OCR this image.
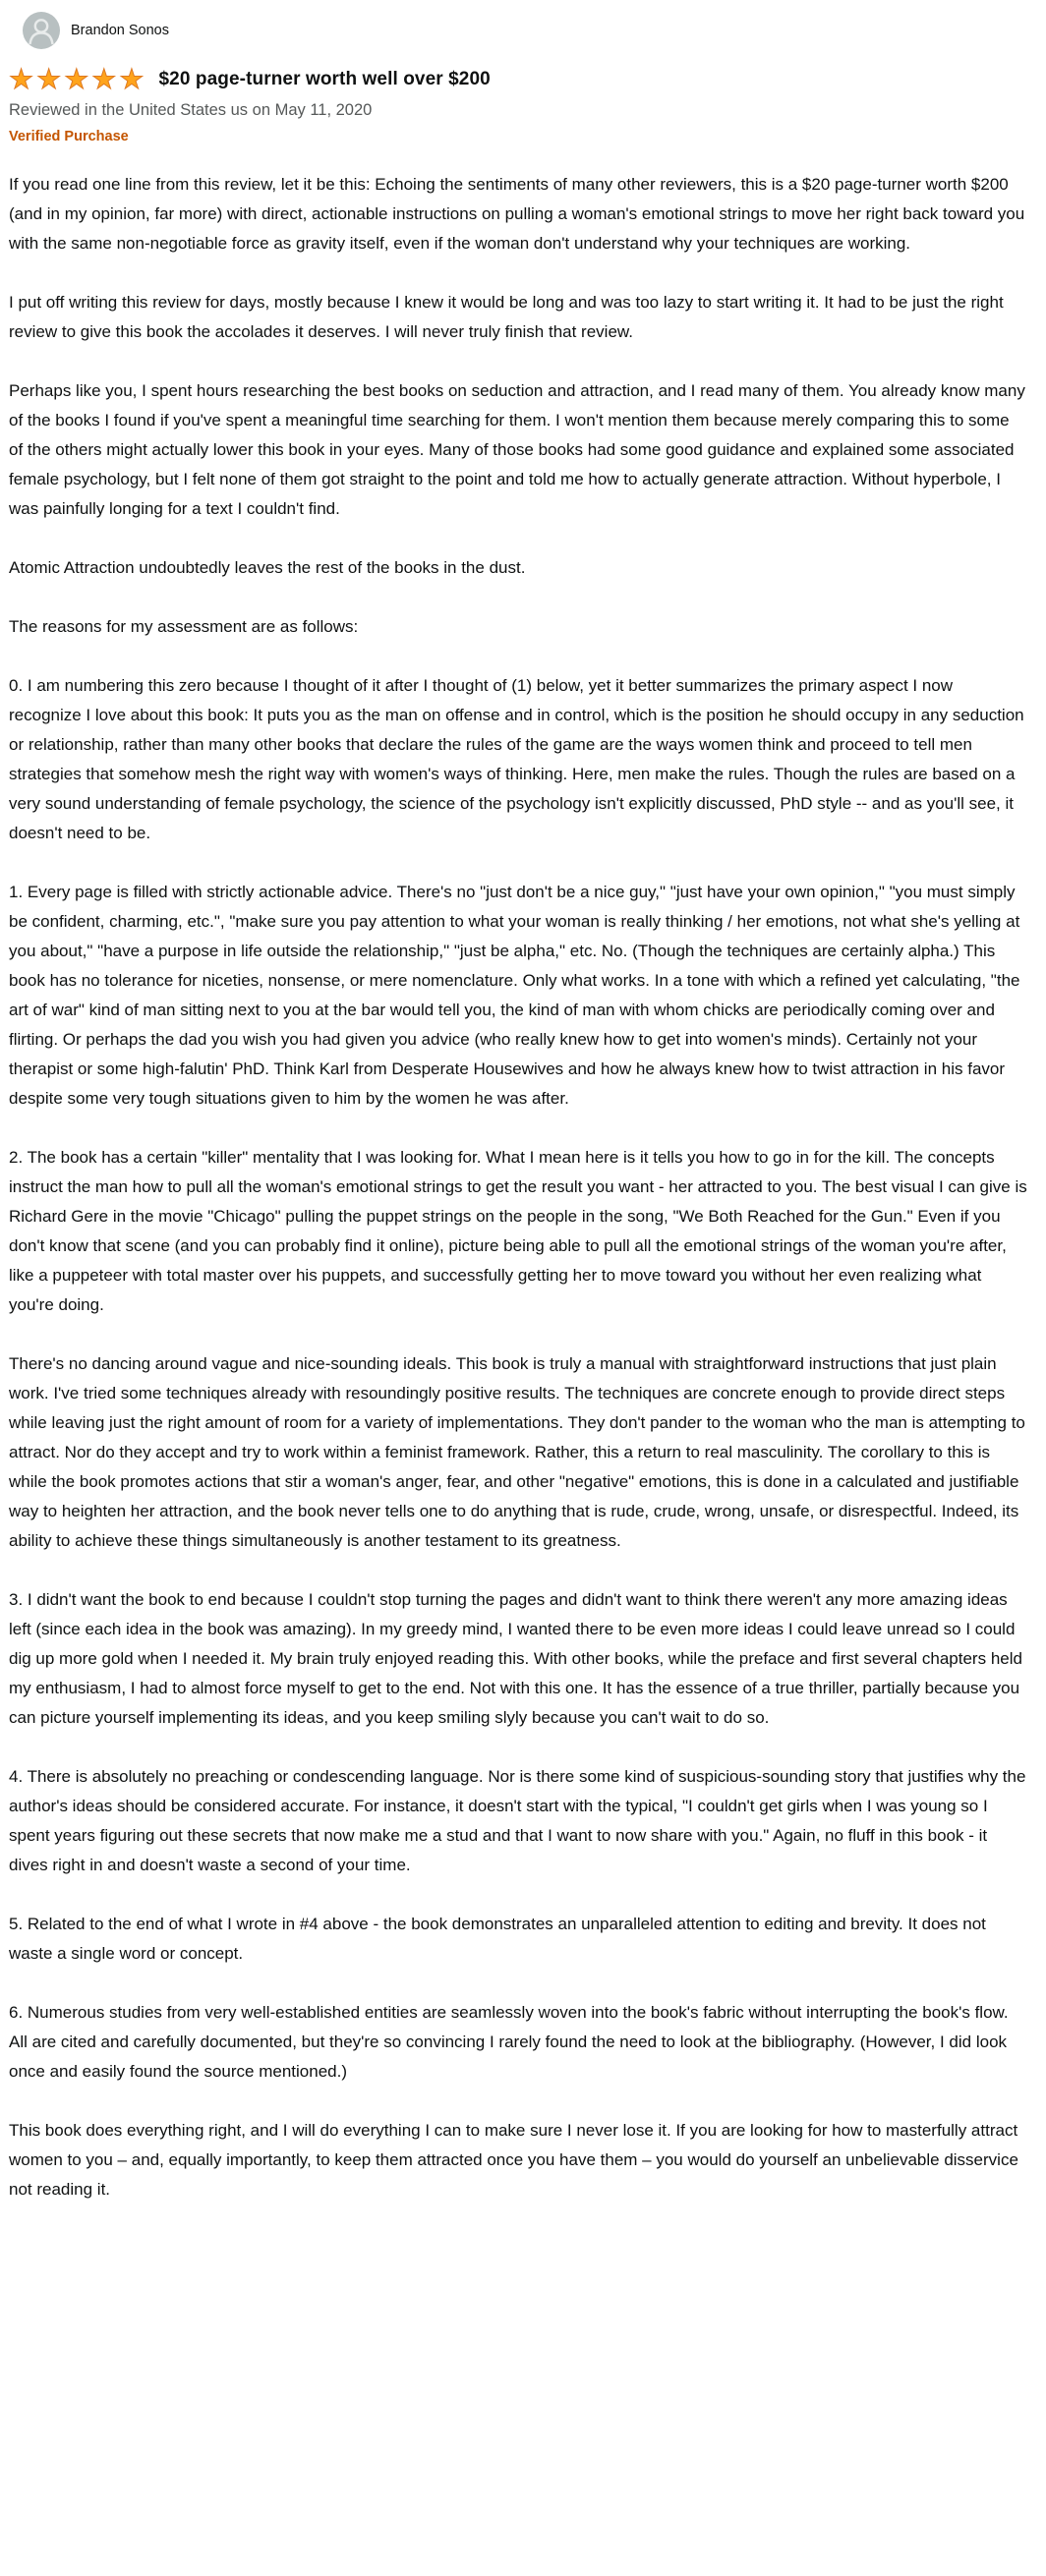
Brandon Sonos
★★★★★ $20 page-turner worth well over $200
Reviewed in the United States us on May 11, 2020
Verified Purchase

If you read one line from this review, let it be this: Echoing the sentiments of many other reviewers, this is a $20 page-turner worth $200 (and in my opinion, far more) with direct, actionable instructions on pulling a woman's emotional strings to move her right back toward you with the same non-negotiable force as gravity itself, even if the woman don't understand why your techniques are working.

I put off writing this review for days, mostly because I knew it would be long and was too lazy to start writing it. It had to be just the right review to give this book the accolades it deserves. I will never truly finish that review.

Perhaps like you, I spent hours researching the best books on seduction and attraction, and I read many of them. You already know many of the books I found if you've spent a meaningful time searching for them. I won't mention them because merely comparing this to some of the others might actually lower this book in your eyes. Many of those books had some good guidance and explained some associated female psychology, but I felt none of them got straight to the point and told me how to actually generate attraction. Without hyperbole, I was painfully longing for a text I couldn't find.

Atomic Attraction undoubtedly leaves the rest of the books in the dust.

The reasons for my assessment are as follows:

0. I am numbering this zero because I thought of it after I thought of (1) below, yet it better summarizes the primary aspect I now recognize I love about this book: It puts you as the man on offense and in control, which is the position he should occupy in any seduction or relationship, rather than many other books that declare the rules of the game are the ways women think and proceed to tell men strategies that somehow mesh the right way with women's ways of thinking. Here, men make the rules. Though the rules are based on a very sound understanding of female psychology, the science of the psychology isn't explicitly discussed, PhD style -- and as you'll see, it doesn't need to be.

1. Every page is filled with strictly actionable advice. There's no "just don't be a nice guy," "just have your own opinion," "you must simply be confident, charming, etc.", "make sure you pay attention to what your woman is really thinking / her emotions, not what she's yelling at you about," "have a purpose in life outside the relationship," "just be alpha," etc. No. (Though the techniques are certainly alpha.) This book has no tolerance for niceties, nonsense, or mere nomenclature. Only what works. In a tone with which a refined yet calculating, "the art of war" kind of man sitting next to you at the bar would tell you, the kind of man with whom chicks are periodically coming over and flirting. Or perhaps the dad you wish you had given you advice (who really knew how to get into women's minds). Certainly not your therapist or some high-falutin' PhD. Think Karl from Desperate Housewives and how he always knew how to twist attraction in his favor despite some very tough situations given to him by the women he was after.

2. The book has a certain "killer" mentality that I was looking for. What I mean here is it tells you how to go in for the kill. The concepts instruct the man how to pull all the woman's emotional strings to get the result you want - her attracted to you. The best visual I can give is Richard Gere in the movie "Chicago" pulling the puppet strings on the people in the song, "We Both Reached for the Gun." Even if you don't know that scene (and you can probably find it online), picture being able to pull all the emotional strings of the woman you're after, like a puppeteer with total master over his puppets, and successfully getting her to move toward you without her even realizing what you're doing.

There's no dancing around vague and nice-sounding ideals. This book is truly a manual with straightforward instructions that just plain work. I've tried some techniques already with resoundingly positive results. The techniques are concrete enough to provide direct steps while leaving just the right amount of room for a variety of implementations. They don't pander to the woman who the man is attempting to attract. Nor do they accept and try to work within a feminist framework. Rather, this a return to real masculinity. The corollary to this is while the book promotes actions that stir a woman's anger, fear, and other "negative" emotions, this is done in a calculated and justifiable way to heighten her attraction, and the book never tells one to do anything that is rude, crude, wrong, unsafe, or disrespectful. Indeed, its ability to achieve these things simultaneously is another testament to its greatness.

3. I didn't want the book to end because I couldn't stop turning the pages and didn't want to think there weren't any more amazing ideas left (since each idea in the book was amazing). In my greedy mind, I wanted there to be even more ideas I could leave unread so I could dig up more gold when I needed it. My brain truly enjoyed reading this. With other books, while the preface and first several chapters held my enthusiasm, I had to almost force myself to get to the end. Not with this one. It has the essence of a true thriller, partially because you can picture yourself implementing its ideas, and you keep smiling slyly because you can't wait to do so.

4. There is absolutely no preaching or condescending language. Nor is there some kind of suspicious-sounding story that justifies why the author's ideas should be considered accurate. For instance, it doesn't start with the typical, "I couldn't get girls when I was young so I spent years figuring out these secrets that now make me a stud and that I want to now share with you." Again, no fluff in this book - it dives right in and doesn't waste a second of your time.

5. Related to the end of what I wrote in #4 above - the book demonstrates an unparalleled attention to editing and brevity. It does not waste a single word or concept.

6. Numerous studies from very well-established entities are seamlessly woven into the book's fabric without interrupting the book's flow. All are cited and carefully documented, but they're so convincing I rarely found the need to look at the bibliography. (However, I did look once and easily found the source mentioned.)

This book does everything right, and I will do everything I can to make sure I never lose it. If you are looking for how to masterfully attract women to you – and, equally importantly, to keep them attracted once you have them – you would do yourself an unbelievable disservice not reading it.
